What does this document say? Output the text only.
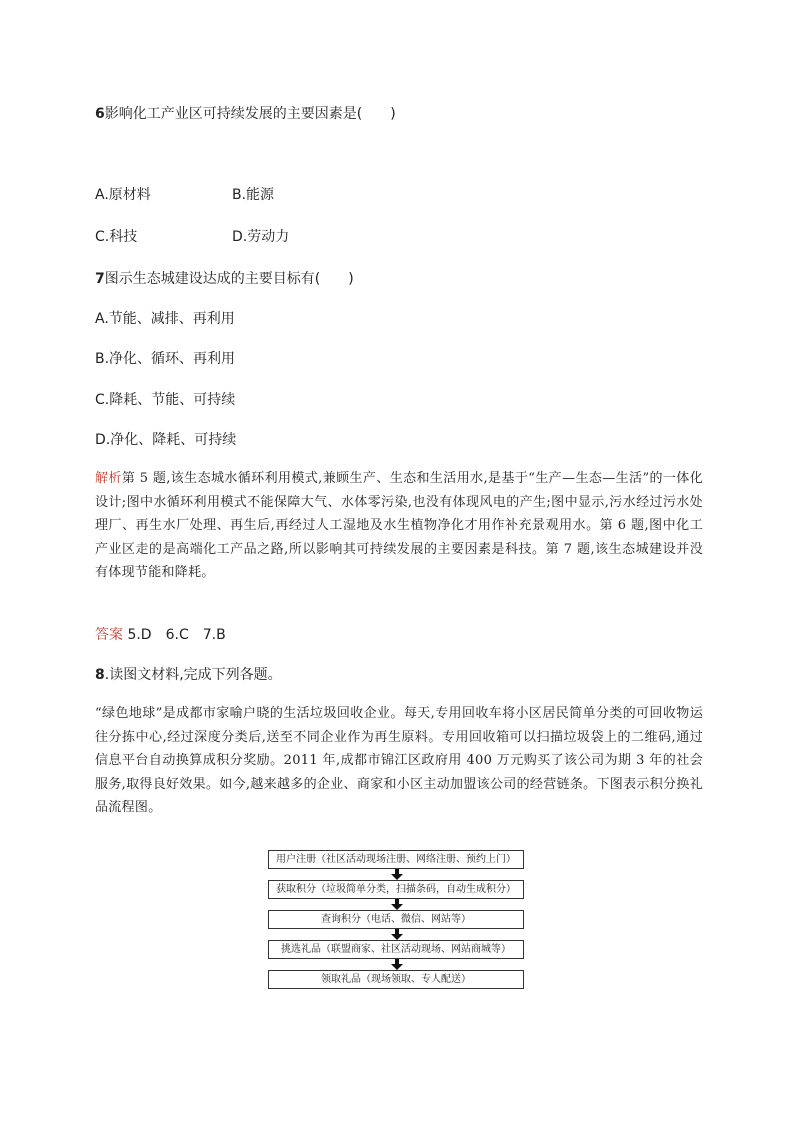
6影响化工产业区可持续发展的主要因素是(　　)
A.原材料	B.能源
C.科技	D.劳动力
7图示生态城建设达成的主要目标有(　　)
A.节能、减排、再利用
B.净化、循环、再利用
C.降耗、节能、可持续
D.净化、降耗、可持续
解析第 5 题,该生态城水循环利用模式,兼顾生产、生态和生活用水,是基于“生产—生态—生活”的一体化设计;图中水循环利用模式不能保障大气、水体零污染,也没有体现风电的产生;图中显示,污水经过污水处理厂、再生水厂处理、再生后,再经过人工湿地及水生植物净化才用作补充景观用水。第 6 题,图中化工产业区走的是高端化工产品之路,所以影响其可持续发展的主要因素是科技。第 7 题,该生态城建设并没有体现节能和降耗。
答案 5.D　6.C　7.B
8.读图文材料,完成下列各题。
“绿色地球”是成都市家喻户晓的生活垃圾回收企业。每天,专用回收车将小区居民简单分类的可回收物运往分拣中心,经过深度分类后,送至不同企业作为再生原料。专用回收箱可以扫描垃圾袋上的二维码,通过信息平台自动换算成积分奖励。2011 年,成都市锦江区政府用 400 万元购买了该公司为期 3 年的社会服务,取得良好效果。如今,越来越多的企业、商家和小区主动加盟该公司的经营链条。下图表示积分换礼品流程图。
用户注册（社区活动现场注册、网络注册、预约上门）
获取积分（垃圾简单分类，扫描条码，自动生成积分）
查询积分（电话、微信、网站等）
挑选礼品（联盟商家、社区活动现场、网站商城等）
领取礼品（现场领取、专人配送）
